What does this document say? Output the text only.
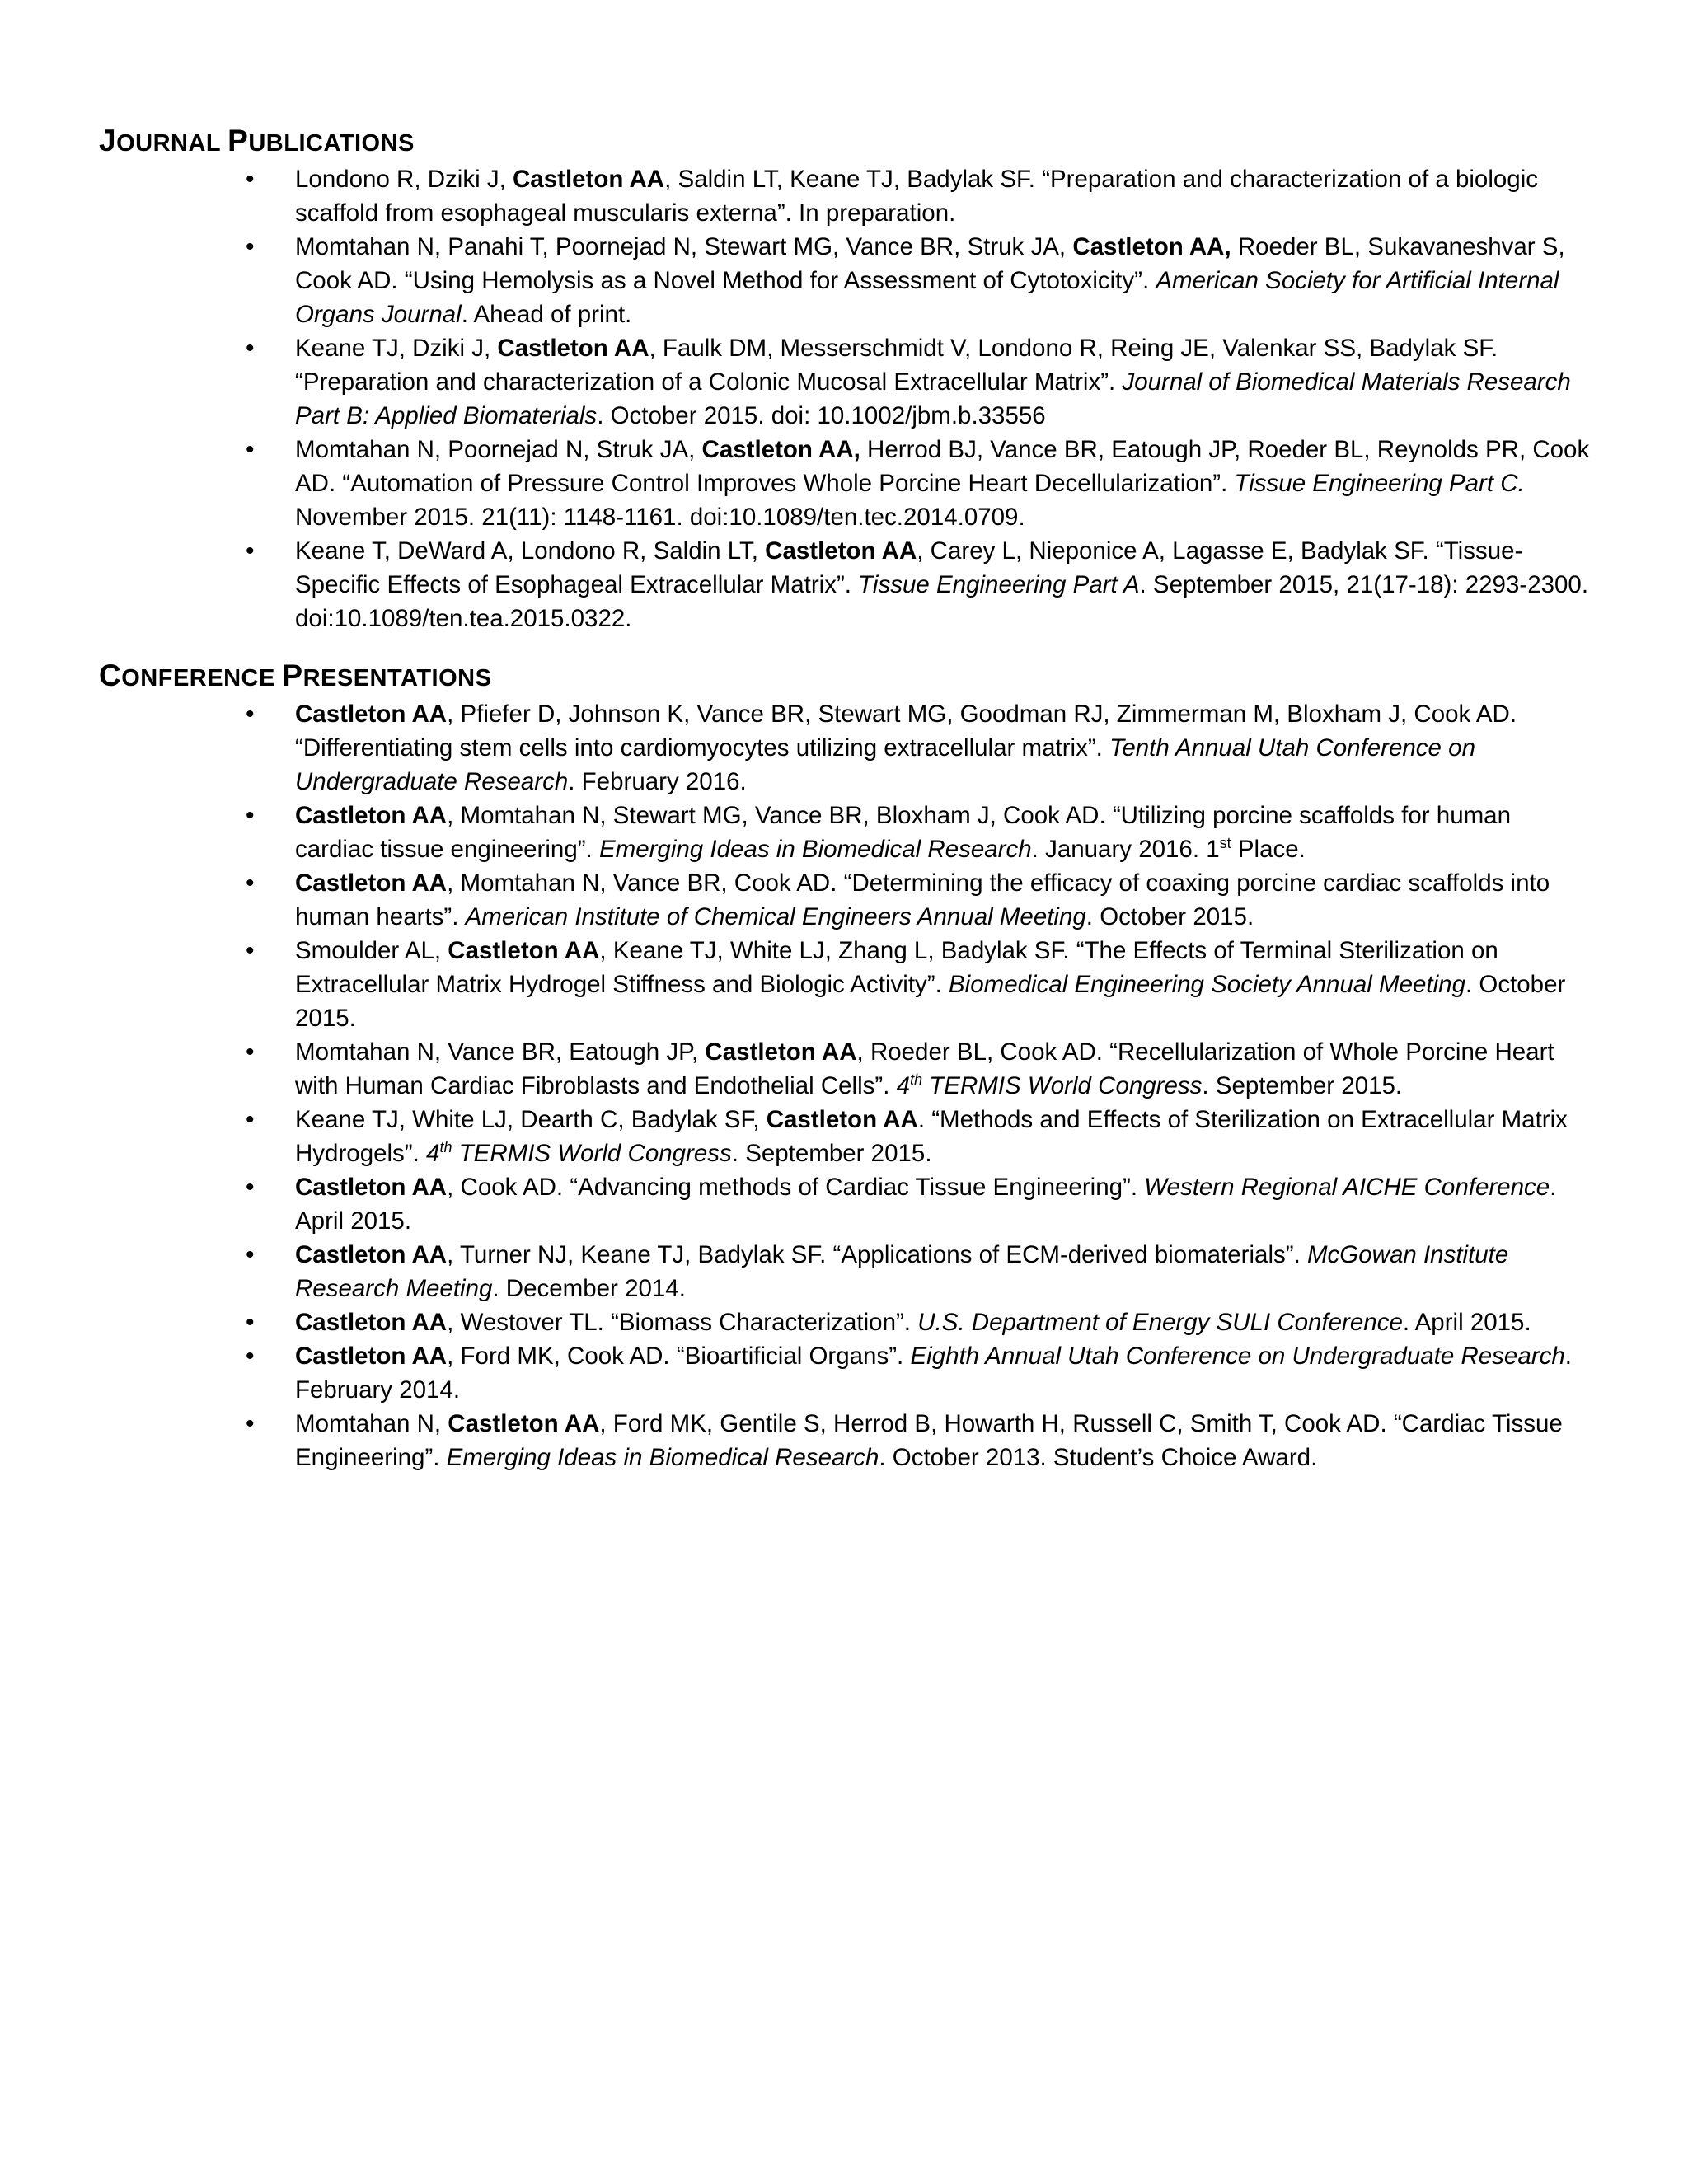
JOURNAL PUBLICATIONS
• Londono R, Dziki J, Castleton AA, Saldin LT, Keane TJ, Badylak SF. “Preparation and characterization of a biologic scaffold from esophageal muscularis externa”. In preparation.
• Momtahan N, Panahi T, Poornejad N, Stewart MG, Vance BR, Struk JA, Castleton AA, Roeder BL, Sukavaneshvar S, Cook AD. “Using Hemolysis as a Novel Method for Assessment of Cytotoxicity”. American Society for Artificial Internal Organs Journal. Ahead of print.
• Keane TJ, Dziki J, Castleton AA, Faulk DM, Messerschmidt V, Londono R, Reing JE, Valenkar SS, Badylak SF. “Preparation and characterization of a Colonic Mucosal Extracellular Matrix”. Journal of Biomedical Materials Research Part B: Applied Biomaterials. October 2015. doi: 10.1002/jbm.b.33556
• Momtahan N, Poornejad N, Struk JA, Castleton AA, Herrod BJ, Vance BR, Eatough JP, Roeder BL, Reynolds PR, Cook AD. “Automation of Pressure Control Improves Whole Porcine Heart Decellularization”. Tissue Engineering Part C. November 2015. 21(11): 1148-1161. doi:10.1089/ten.tec.2014.0709.
• Keane T, DeWard A, Londono R, Saldin LT, Castleton AA, Carey L, Nieponice A, Lagasse E, Badylak SF. “Tissue-Specific Effects of Esophageal Extracellular Matrix”. Tissue Engineering Part A. September 2015, 21(17-18): 2293-2300. doi:10.1089/ten.tea.2015.0322.
CONFERENCE PRESENTATIONS
• Castleton AA, Pfiefer D, Johnson K, Vance BR, Stewart MG, Goodman RJ, Zimmerman M, Bloxham J, Cook AD. “Differentiating stem cells into cardiomyocytes utilizing extracellular matrix”. Tenth Annual Utah Conference on Undergraduate Research. February 2016.
• Castleton AA, Momtahan N, Stewart MG, Vance BR, Bloxham J, Cook AD. “Utilizing porcine scaffolds for human cardiac tissue engineering”. Emerging Ideas in Biomedical Research. January 2016. 1st Place.
• Castleton AA, Momtahan N, Vance BR, Cook AD. “Determining the efficacy of coaxing porcine cardiac scaffolds into human hearts”. American Institute of Chemical Engineers Annual Meeting. October 2015.
• Smoulder AL, Castleton AA, Keane TJ, White LJ, Zhang L, Badylak SF. “The Effects of Terminal Sterilization on Extracellular Matrix Hydrogel Stiffness and Biologic Activity”. Biomedical Engineering Society Annual Meeting. October 2015.
• Momtahan N, Vance BR, Eatough JP, Castleton AA, Roeder BL, Cook AD. “Recellularization of Whole Porcine Heart with Human Cardiac Fibroblasts and Endothelial Cells”. 4th TERMIS World Congress. September 2015.
• Keane TJ, White LJ, Dearth C, Badylak SF, Castleton AA. “Methods and Effects of Sterilization on Extracellular Matrix Hydrogels”. 4th TERMIS World Congress. September 2015.
• Castleton AA, Cook AD. “Advancing methods of Cardiac Tissue Engineering”. Western Regional AICHE Conference. April 2015.
• Castleton AA, Turner NJ, Keane TJ, Badylak SF. “Applications of ECM-derived biomaterials”. McGowan Institute Research Meeting. December 2014.
• Castleton AA, Westover TL. “Biomass Characterization”. U.S. Department of Energy SULI Conference. April 2015.
• Castleton AA, Ford MK, Cook AD. “Bioartificial Organs”. Eighth Annual Utah Conference on Undergraduate Research. February 2014.
• Momtahan N, Castleton AA, Ford MK, Gentile S, Herrod B, Howarth H, Russell C, Smith T, Cook AD. “Cardiac Tissue Engineering”. Emerging Ideas in Biomedical Research. October 2013. Student’s Choice Award.
